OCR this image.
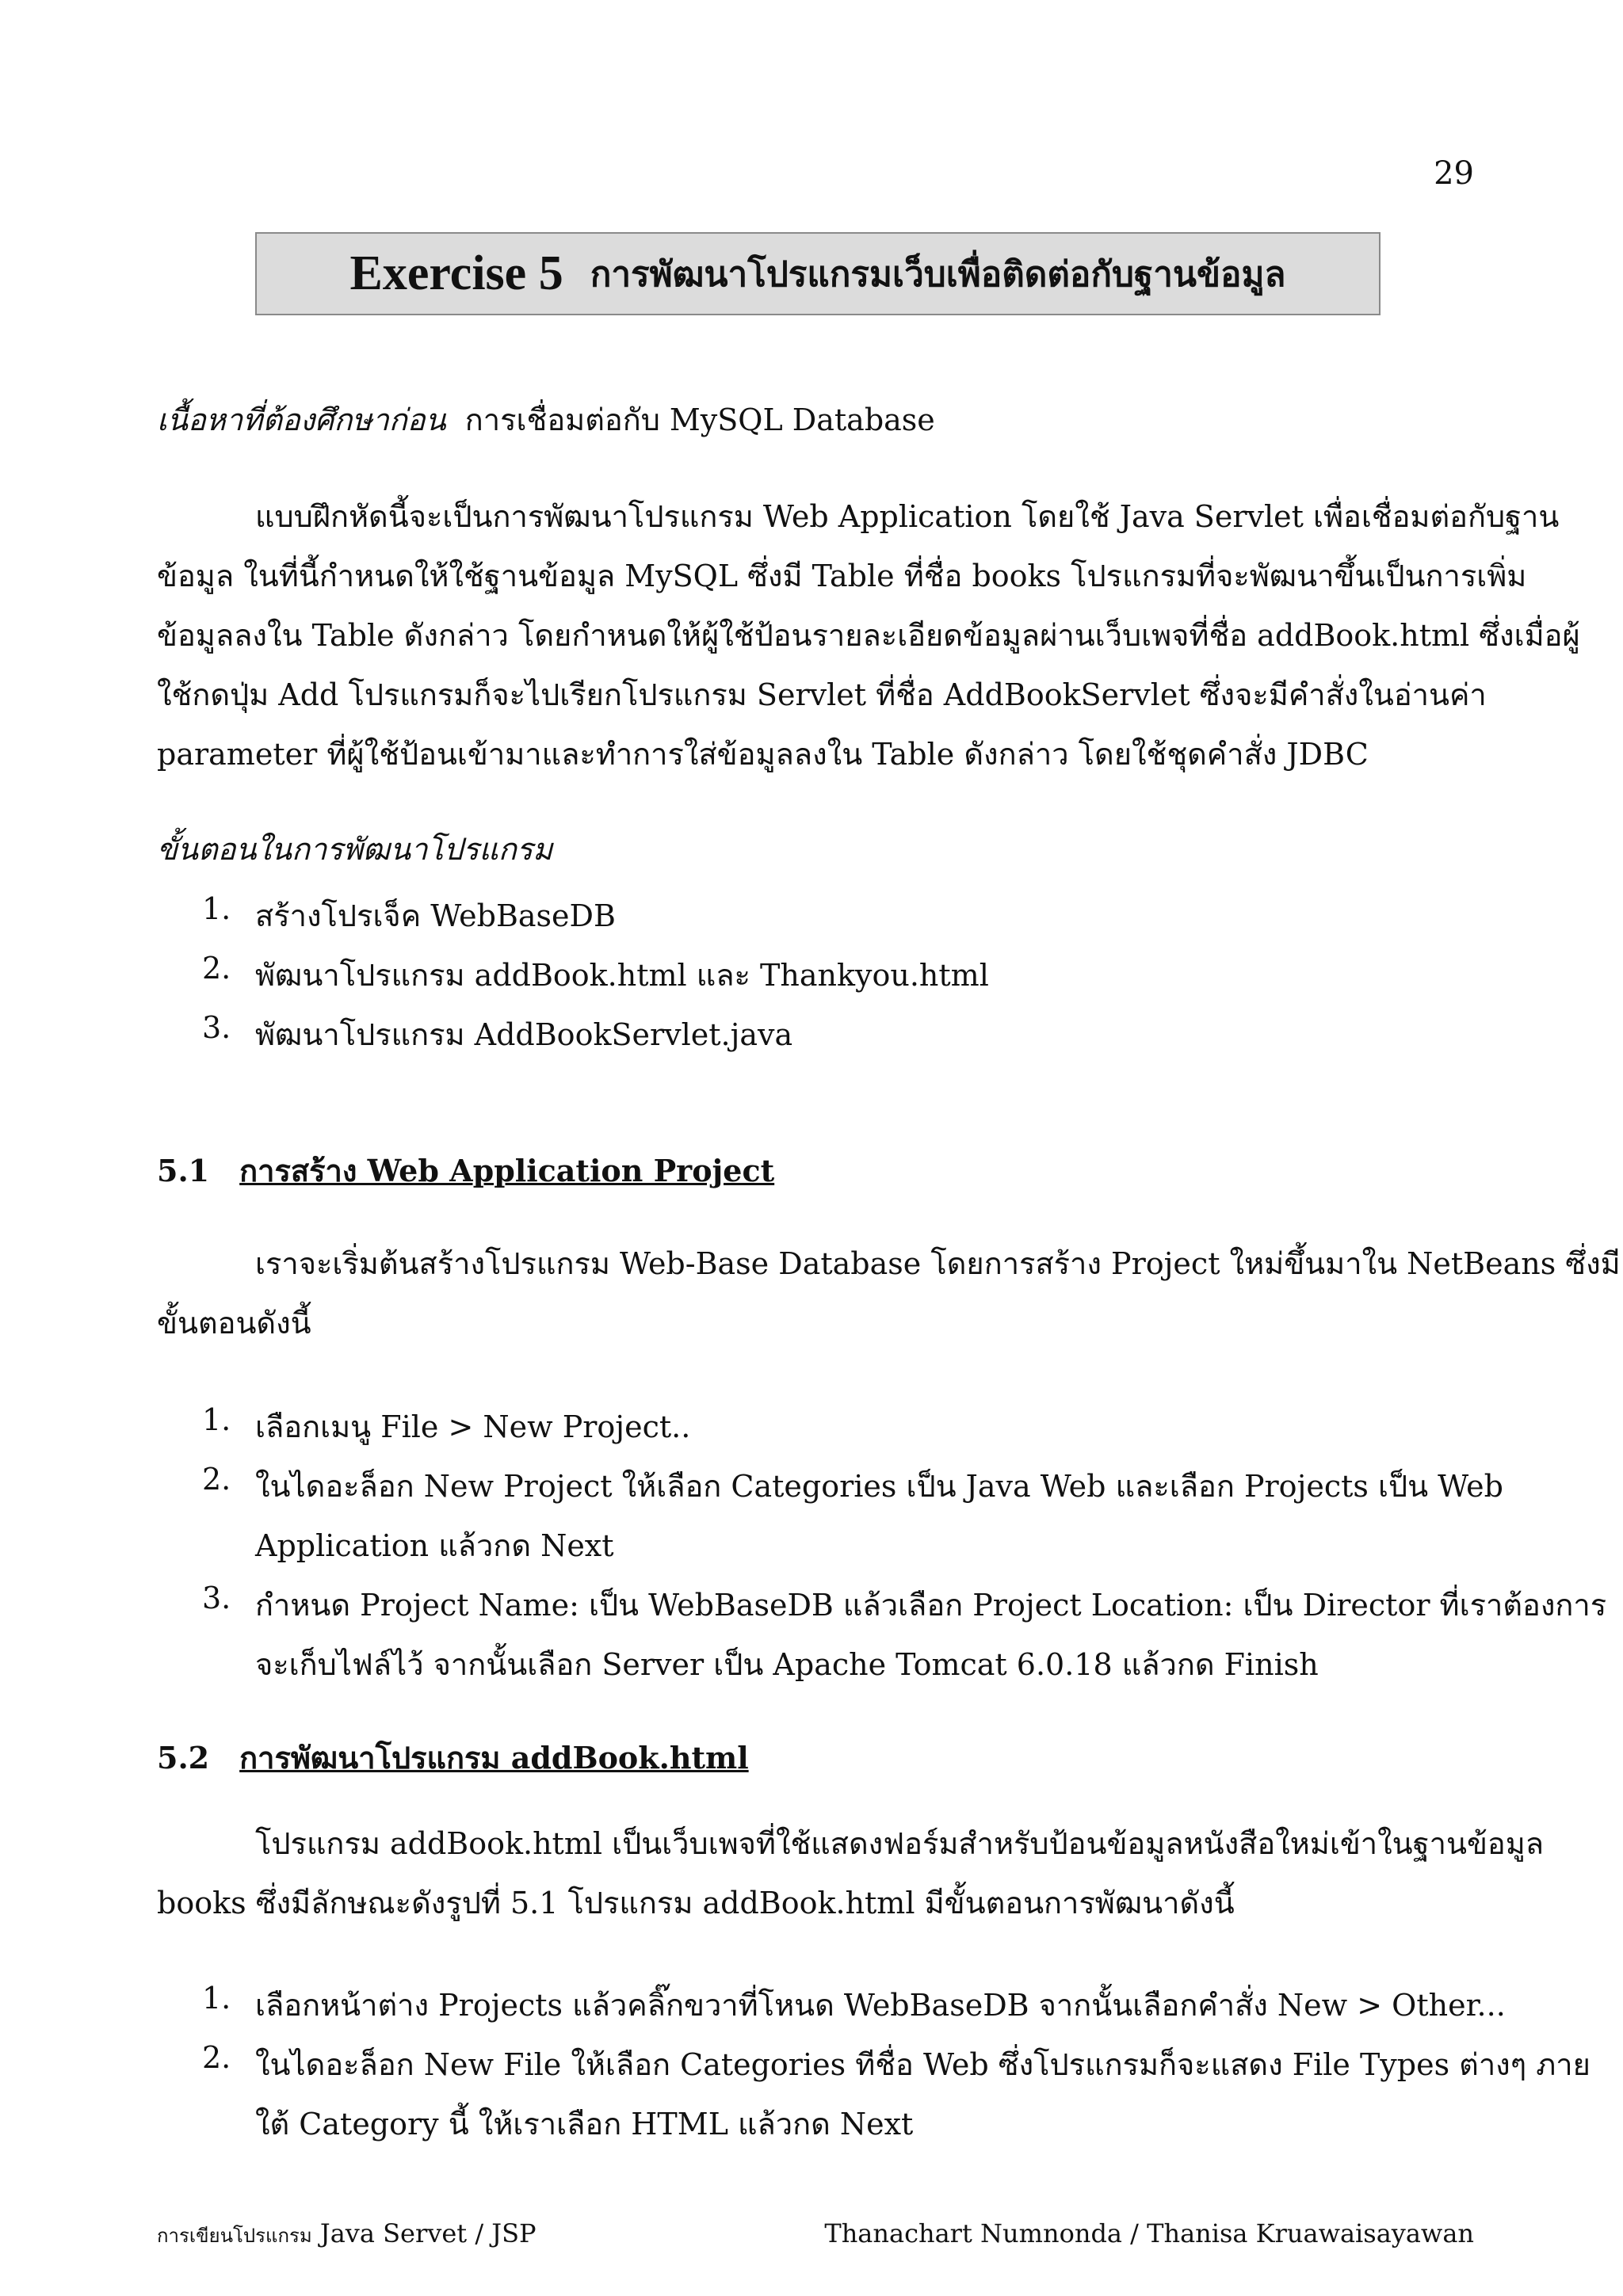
29
Exercise 5 การพัฒนาโปรแกรมเว็บเพื่อติดต่อกับฐานข้อมูล
เนื้อหาที่ต้องศึกษาก่อน การเชื่อมต่อกับ MySQL Database
แบบฝึกหัดนี้จะเป็นการพัฒนาโปรแกรม Web Application โดยใช้ Java Servlet เพื่อเชื่อมต่อกับฐาน
ข้อมูล ในที่นี้กำหนดให้ใช้ฐานข้อมูล MySQL ซึ่งมี Table ที่ชื่อ books โปรแกรมที่จะพัฒนาขึ้นเป็นการเพิ่ม
ข้อมูลลงใน Table ดังกล่าว โดยกำหนดให้ผู้ใช้ป้อนรายละเอียดข้อมูลผ่านเว็บเพจที่ชื่อ addBook.html ซึ่งเมื่อผู้
ใช้กดปุ่ม Add โปรแกรมก็จะไปเรียกโปรแกรม Servlet ที่ชื่อ AddBookServlet ซึ่งจะมีคำสั่งในอ่านค่า
parameter ที่ผู้ใช้ป้อนเข้ามาและทำการใส่ข้อมูลลงใน Table ดังกล่าว โดยใช้ชุดคำสั่ง JDBC
ขั้นตอนในการพัฒนาโปรแกรม
1. สร้างโปรเจ็ค WebBaseDB
2. พัฒนาโปรแกรม addBook.html และ Thankyou.html
3. พัฒนาโปรแกรม AddBookServlet.java
5.1 การสร้าง Web Application Project
เราจะเริ่มต้นสร้างโปรแกรม Web-Base Database โดยการสร้าง Project ใหม่ขึ้นมาใน NetBeans ซึ่งมี
ขั้นตอนดังนี้
1. เลือกเมนู File > New Project..
2. ในไดอะล็อก New Project ให้เลือก Categories เป็น Java Web และเลือก Projects เป็น Web
Application แล้วกด Next
3. กำหนด Project Name: เป็น WebBaseDB แล้วเลือก Project Location: เป็น Director ที่เราต้องการ
จะเก็บไฟล์ไว้ จากนั้นเลือก Server เป็น Apache Tomcat 6.0.18 แล้วกด Finish
5.2 การพัฒนาโปรแกรม addBook.html
โปรแกรม addBook.html เป็นเว็บเพจที่ใช้แสดงฟอร์มสำหรับป้อนข้อมูลหนังสือใหม่เข้าในฐานข้อมูล
books ซึ่งมีลักษณะดังรูปที่ 5.1 โปรแกรม addBook.html มีขั้นตอนการพัฒนาดังนี้
1. เลือกหน้าต่าง Projects แล้วคลิ๊กขวาที่โหนด WebBaseDB จากนั้นเลือกคำสั่ง New > Other...
2. ในไดอะล็อก New File ให้เลือก Categories ทีชื่อ Web ซึ่งโปรแกรมก็จะแสดง File Types ต่างๆ ภาย
ใต้ Category นี้ ให้เราเลือก HTML แล้วกด Next
การเขียนโปรแกรม Java Servet / JSP	Thanachart Numnonda / Thanisa Kruawaisayawan
